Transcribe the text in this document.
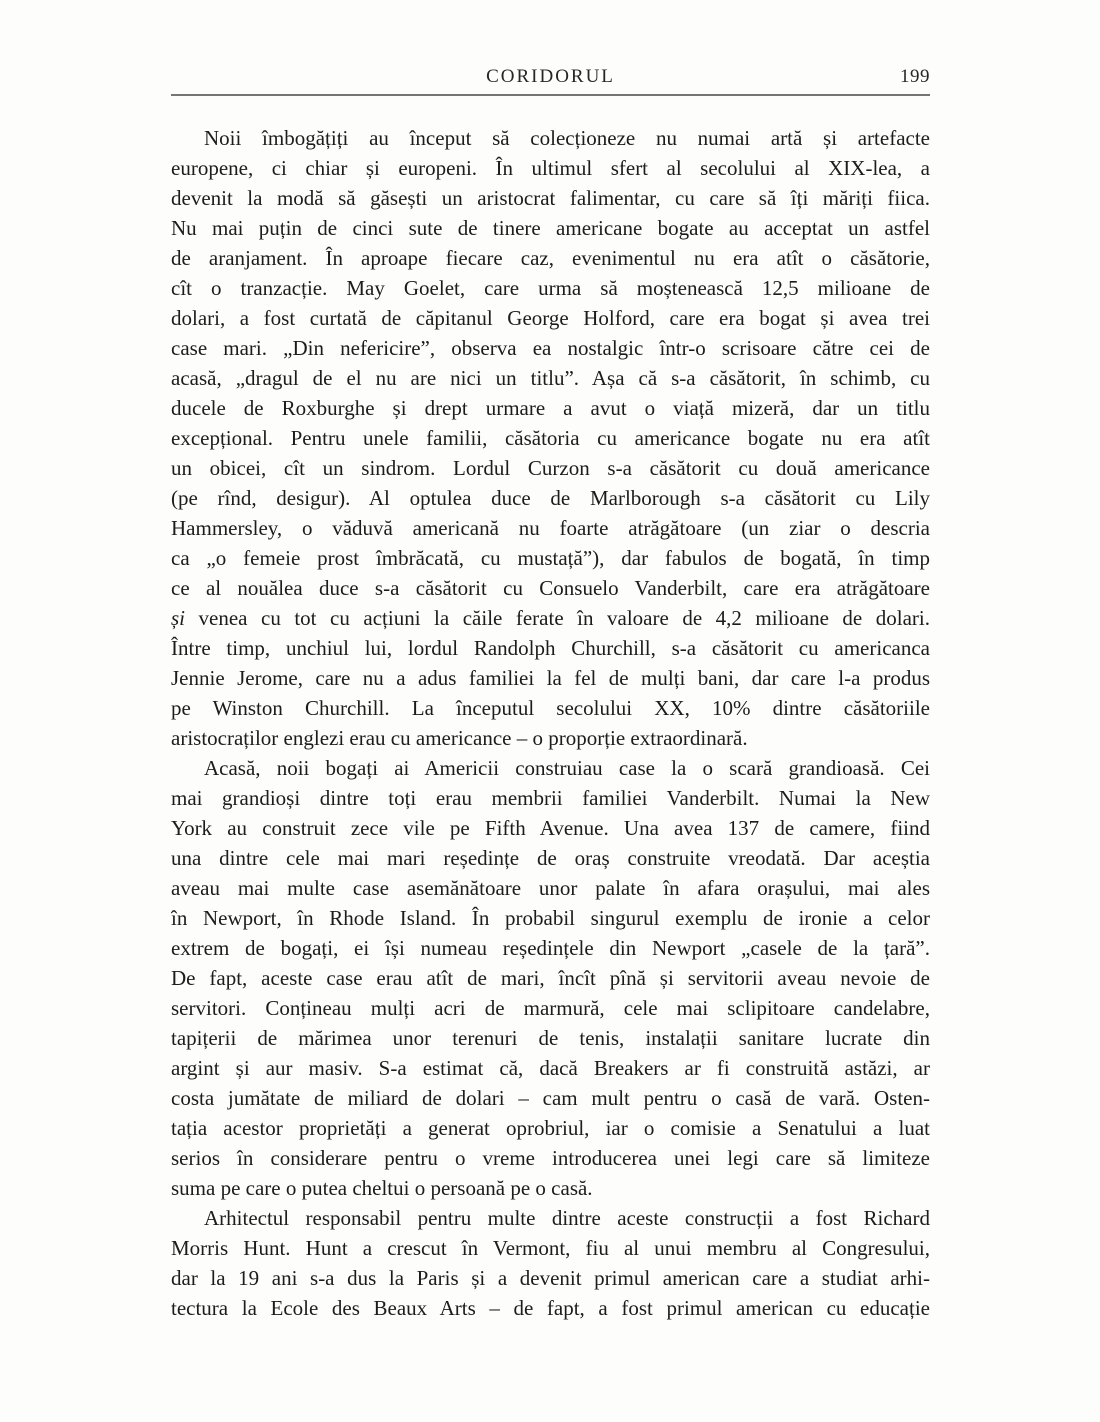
CORIDORUL	199
Noii îmbogățiți au început să colecționeze nu numai artă și artefacte
europene, ci chiar și europeni. În ultimul sfert al secolului al XIX-lea, a
devenit la modă să găsești un aristocrat falimentar, cu care să îți măriți fiica.
Nu mai puțin de cinci sute de tinere americane bogate au acceptat un astfel
de aranjament. În aproape fiecare caz, evenimentul nu era atît o căsătorie,
cît o tranzacție. May Goelet, care urma să moștenească 12,5 milioane de
dolari, a fost curtată de căpitanul George Holford, care era bogat și avea trei
case mari. „Din nefericire”, observa ea nostalgic într-o scrisoare către cei de
acasă, „dragul de el nu are nici un titlu”. Așa că s-a căsătorit, în schimb, cu
ducele de Roxburghe și drept urmare a avut o viață mizeră, dar un titlu
excepțional. Pentru unele familii, căsătoria cu americance bogate nu era atît
un obicei, cît un sindrom. Lordul Curzon s-a căsătorit cu două americance
(pe rînd, desigur). Al optulea duce de Marlborough s-a căsătorit cu Lily
Hammersley, o văduvă americană nu foarte atrăgătoare (un ziar o descria
ca „o femeie prost îmbrăcată, cu mustață”), dar fabulos de bogată, în timp
ce al nouălea duce s-a căsătorit cu Consuelo Vanderbilt, care era atrăgătoare
și venea cu tot cu acțiuni la căile ferate în valoare de 4,2 milioane de dolari.
Între timp, unchiul lui, lordul Randolph Churchill, s-a căsătorit cu americanca
Jennie Jerome, care nu a adus familiei la fel de mulți bani, dar care l-a produs
pe Winston Churchill. La începutul secolului XX, 10% dintre căsătoriile
aristocraților englezi erau cu americance – o proporție extraordinară.
Acasă, noii bogați ai Americii construiau case la o scară grandioasă. Cei
mai grandioși dintre toți erau membrii familiei Vanderbilt. Numai la New
York au construit zece vile pe Fifth Avenue. Una avea 137 de camere, fiind
una dintre cele mai mari reședințe de oraș construite vreodată. Dar aceștia
aveau mai multe case asemănătoare unor palate în afara orașului, mai ales
în Newport, în Rhode Island. În probabil singurul exemplu de ironie a celor
extrem de bogați, ei își numeau reședințele din Newport „casele de la țară”.
De fapt, aceste case erau atît de mari, încît pînă și servitorii aveau nevoie de
servitori. Conțineau mulți acri de marmură, cele mai sclipitoare candelabre,
tapițerii de mărimea unor terenuri de tenis, instalații sanitare lucrate din
argint și aur masiv. S-a estimat că, dacă Breakers ar fi construită astăzi, ar
costa jumătate de miliard de dolari – cam mult pentru o casă de vară. Osten-
tația acestor proprietăți a generat oprobriul, iar o comisie a Senatului a luat
serios în considerare pentru o vreme introducerea unei legi care să limiteze
suma pe care o putea cheltui o persoană pe o casă.
Arhitectul responsabil pentru multe dintre aceste construcții a fost Richard
Morris Hunt. Hunt a crescut în Vermont, fiu al unui membru al Congresului,
dar la 19 ani s-a dus la Paris și a devenit primul american care a studiat arhi-
tectura la Ecole des Beaux Arts – de fapt, a fost primul american cu educație
